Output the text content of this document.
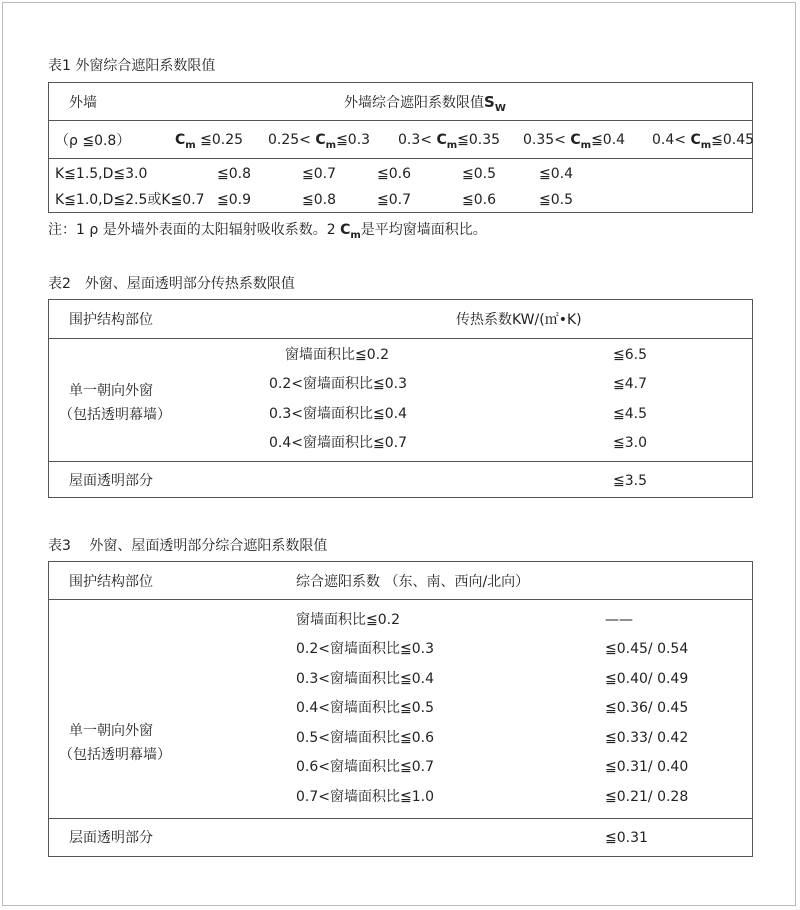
表1 外窗综合遮阳系数限值
外墙	外墙综合遮阳系数限值$S_W$
（ρ ≦0.8）	$C_m$ ≦0.25 $0.25< C_m≦0.3$ $0.3< C_m≦0.35$ $0.35< C_m≦0.4$ $0.4< C_m≦0.45$
K≦1.5,D≦3.0	≦0.8	≦0.7	≦0.6	≦0.5	≦0.4
K≦1.0,D≦2.5或K≦0.7 ≦0.9	≦0.8	≦0.7	≦0.6	≦0.5
注：1 ρ 是外墙外表面的太阳辐射吸收系数。2 $C_m$是平均窗墙面积比。
表2　外窗、屋面透明部分传热系数限值
围护结构部位	传热系数KW/(㎡•K)
单一朝向外窗
（包括透明幕墙）
窗墙面积比≦0.2	≦6.5
0.2<窗墙面积比≦0.3	≦4.7
0.3<窗墙面积比≦0.4	≦4.5
0.4<窗墙面积比≦0.7	≦3.0
屋面透明部分	≦3.5
表3　 外窗、屋面透明部分综合遮阳系数限值
围护结构部位	综合遮阳系数 （东、南、西向/北向）
单一朝向外窗
（包括透明幕墙）
窗墙面积比≦0.2	——
0.2<窗墙面积比≦0.3	≦0.45/ 0.54
0.3<窗墙面积比≦0.4	≦0.40/ 0.49
0.4<窗墙面积比≦0.5	≦0.36/ 0.45
0.5<窗墙面积比≦0.6	≦0.33/ 0.42
0.6<窗墙面积比≦0.7	≦0.31/ 0.40
0.7<窗墙面积比≦1.0	≦0.21/ 0.28
层面透明部分	≦0.31
